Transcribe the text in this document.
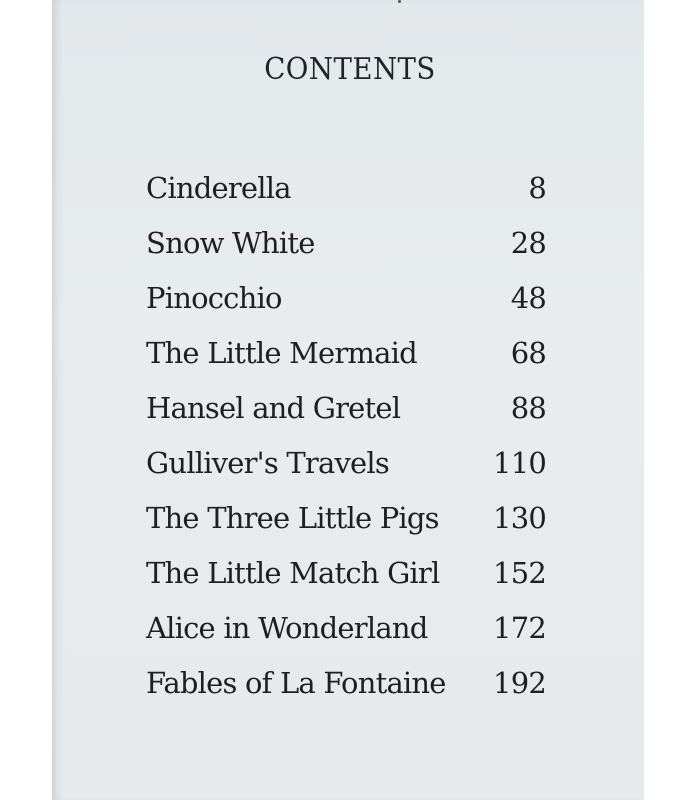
CONTENTS
Cinderella	8
Snow White	28
Pinocchio	48
The Little Mermaid	68
Hansel and Gretel	88
Gulliver's Travels	110
The Three Little Pigs 130
The Little Match Girl 152
Alice in Wonderland 172
Fables of La Fontaine 192
